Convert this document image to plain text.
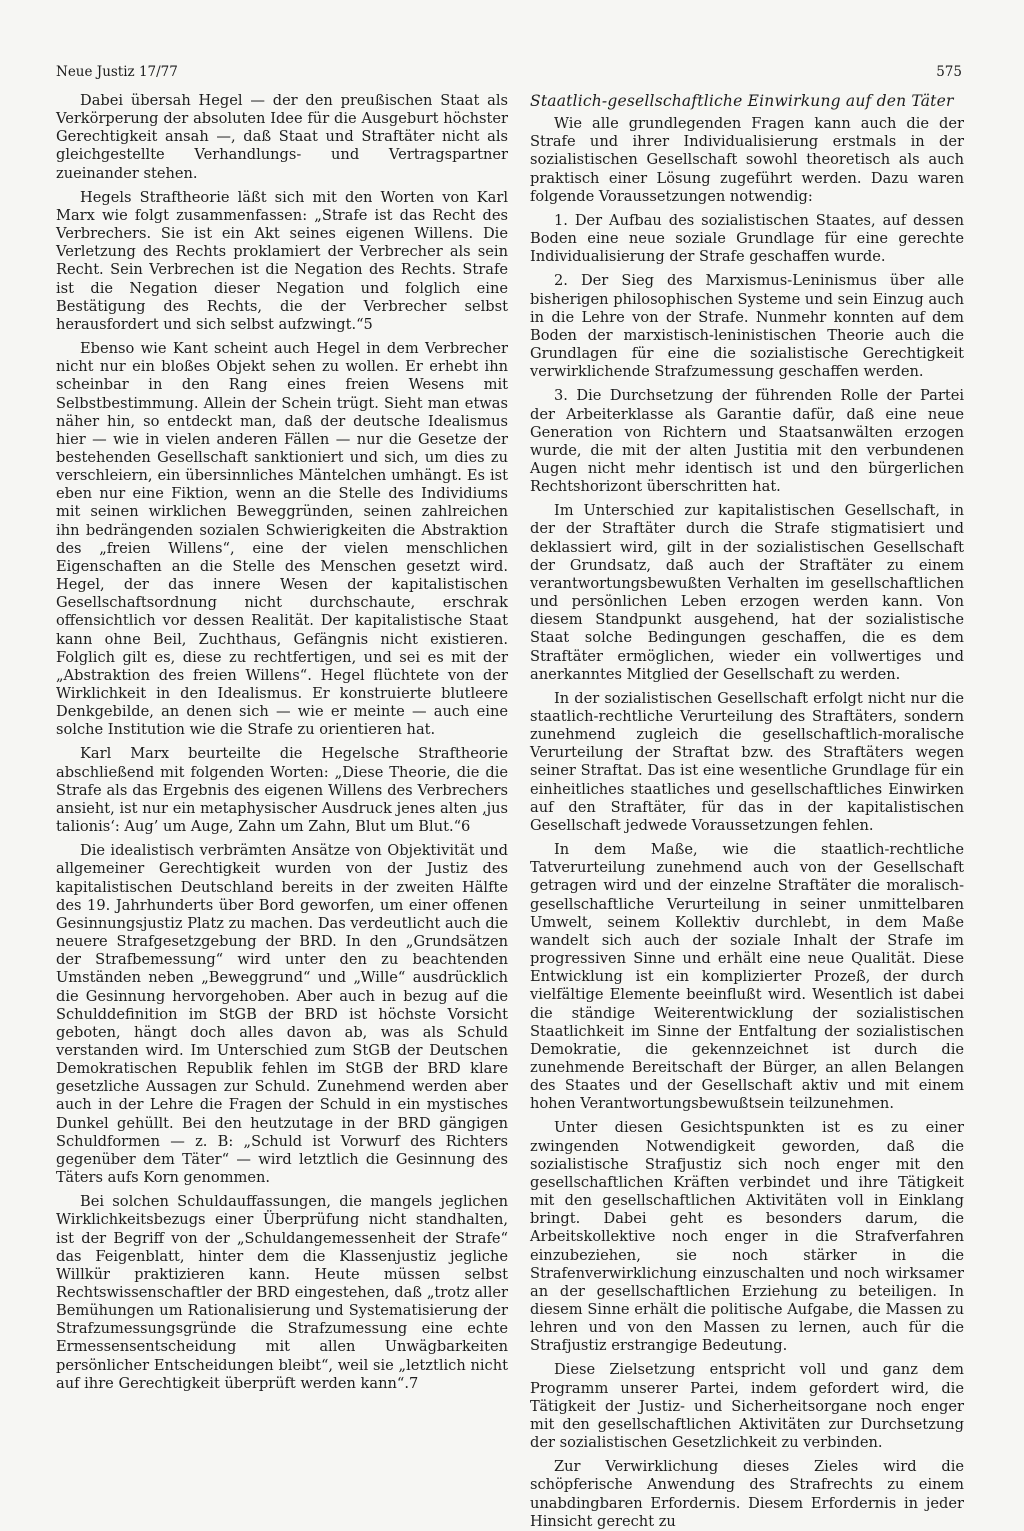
Neue Justiz 17/77	575

Dabei übersah Hegel — der den preußischen Staat als Verkörperung der absoluten Idee für die Ausgeburt höchster Gerechtigkeit ansah —, daß Staat und Straftäter nicht als gleichgestellte Verhandlungs- und Vertragspartner zueinander stehen.

Hegels Straftheorie läßt sich mit den Worten von Karl Marx wie folgt zusammenfassen: „Strafe ist das Recht des Verbrechers. Sie ist ein Akt seines eigenen Willens. Die Verletzung des Rechts proklamiert der Verbrecher als sein Recht. Sein Verbrechen ist die Negation des Rechts. Strafe ist die Negation dieser Negation und folglich eine Bestätigung des Rechts, die der Verbrecher selbst herausfordert und sich selbst aufzwingt.“5

Ebenso wie Kant scheint auch Hegel in dem Verbrecher nicht nur ein bloßes Objekt sehen zu wollen. Er erhebt ihn scheinbar in den Rang eines freien Wesens mit Selbstbestimmung. Allein der Schein trügt. Sieht man etwas näher hin, so entdeckt man, daß der deutsche Idealismus hier — wie in vielen anderen Fällen — nur die Gesetze der bestehenden Gesellschaft sanktioniert und sich, um dies zu verschleiern, ein übersinnliches Mäntelchen umhängt. Es ist eben nur eine Fiktion, wenn an die Stelle des Individiums mit seinen wirklichen Beweggründen, seinen zahlreichen ihn bedrängenden sozialen Schwierigkeiten die Abstraktion des „freien Willens“, eine der vielen menschlichen Eigenschaften an die Stelle des Menschen gesetzt wird. Hegel, der das innere Wesen der kapitalistischen Gesellschaftsordnung nicht durchschaute, erschrak offensichtlich vor dessen Realität. Der kapitalistische Staat kann ohne Beil, Zuchthaus, Gefängnis nicht existieren. Folglich gilt es, diese zu rechtfertigen, und sei es mit der „Abstraktion des freien Willens“. Hegel flüchtete von der Wirklichkeit in den Idealismus. Er konstruierte blutleere Denkgebilde, an denen sich — wie er meinte — auch eine solche Institution wie die Strafe zu orientieren hat.

Karl Marx beurteilte die Hegelsche Straftheorie abschließend mit folgenden Worten: „Diese Theorie, die die Strafe als das Ergebnis des eigenen Willens des Verbrechers ansieht, ist nur ein metaphysischer Ausdruck jenes alten ‚jus talionis‘: Aug’ um Auge, Zahn um Zahn, Blut um Blut.“6

Die idealistisch verbrämten Ansätze von Objektivität und allgemeiner Gerechtigkeit wurden von der Justiz des kapitalistischen Deutschland bereits in der zweiten Hälfte des 19. Jahrhunderts über Bord geworfen, um einer offenen Gesinnungsjustiz Platz zu machen. Das verdeutlicht auch die neuere Strafgesetzgebung der BRD. In den „Grundsätzen der Strafbemessung“ wird unter den zu beachtenden Umständen neben „Beweggrund“ und „Wille“ ausdrücklich die Gesinnung hervorgehoben. Aber auch in bezug auf die Schulddefinition im StGB der BRD ist höchste Vorsicht geboten, hängt doch alles davon ab, was als Schuld verstanden wird. Im Unterschied zum StGB der Deutschen Demokratischen Republik fehlen im StGB der BRD klare gesetzliche Aussagen zur Schuld. Zunehmend werden aber auch in der Lehre die Fragen der Schuld in ein mystisches Dunkel gehüllt. Bei den heutzutage in der BRD gängigen Schuldformen — z. B: „Schuld ist Vorwurf des Richters gegenüber dem Täter“ — wird letztlich die Gesinnung des Täters aufs Korn genommen.

Bei solchen Schuldauffassungen, die mangels jeglichen Wirklichkeitsbezugs einer Überprüfung nicht standhalten, ist der Begriff von der „Schuldangemessenheit der Strafe“ das Feigenblatt, hinter dem die Klassenjustiz jegliche Willkür praktizieren kann. Heute müssen selbst Rechtswissenschaftler der BRD eingestehen, daß „trotz aller Bemühungen um Rationalisierung und Systematisierung der Strafzumessungsgründe die Strafzumessung eine echte Ermessensentscheidung mit allen Unwägbarkeiten persönlicher Entscheidungen bleibt“, weil sie „letztlich nicht auf ihre Gerechtigkeit überprüft werden kann“.7

Staatlich-gesellschaftliche Einwirkung auf den Täter

Wie alle grundlegenden Fragen kann auch die der Strafe und ihrer Individualisierung erstmals in der sozialistischen Gesellschaft sowohl theoretisch als auch praktisch einer Lösung zugeführt werden. Dazu waren folgende Voraussetzungen notwendig:

1. Der Aufbau des sozialistischen Staates, auf dessen Boden eine neue soziale Grundlage für eine gerechte Individualisierung der Strafe geschaffen wurde.

2. Der Sieg des Marxismus-Leninismus über alle bisherigen philosophischen Systeme und sein Einzug auch in die Lehre von der Strafe. Nunmehr konnten auf dem Boden der marxistisch-leninistischen Theorie auch die Grundlagen für eine die sozialistische Gerechtigkeit verwirklichende Strafzumessung geschaffen werden.

3. Die Durchsetzung der führenden Rolle der Partei der Arbeiterklasse als Garantie dafür, daß eine neue Generation von Richtern und Staatsanwälten erzogen wurde, die mit der alten Justitia mit den verbundenen Augen nicht mehr identisch ist und den bürgerlichen Rechtshorizont überschritten hat.

Im Unterschied zur kapitalistischen Gesellschaft, in der der Straftäter durch die Strafe stigmatisiert und deklassiert wird, gilt in der sozialistischen Gesellschaft der Grundsatz, daß auch der Straftäter zu einem verantwortungsbewußten Verhalten im gesellschaftlichen und persönlichen Leben erzogen werden kann. Von diesem Standpunkt ausgehend, hat der sozialistische Staat solche Bedingungen geschaffen, die es dem Straftäter ermöglichen, wieder ein vollwertiges und anerkanntes Mitglied der Gesellschaft zu werden.

In der sozialistischen Gesellschaft erfolgt nicht nur die staatlich-rechtliche Verurteilung des Straftäters, sondern zunehmend zugleich die gesellschaftlich-moralische Verurteilung der Straftat bzw. des Straftäters wegen seiner Straftat. Das ist eine wesentliche Grundlage für ein einheitliches staatliches und gesellschaftliches Einwirken auf den Straftäter, für das in der kapitalistischen Gesellschaft jedwede Voraussetzungen fehlen.

In dem Maße, wie die staatlich-rechtliche Tatverurteilung zunehmend auch von der Gesellschaft getragen wird und der einzelne Straftäter die moralisch-gesellschaftliche Verurteilung in seiner unmittelbaren Umwelt, seinem Kollektiv durchlebt, in dem Maße wandelt sich auch der soziale Inhalt der Strafe im progressiven Sinne und erhält eine neue Qualität. Diese Entwicklung ist ein komplizierter Prozeß, der durch vielfältige Elemente beeinflußt wird. Wesentlich ist dabei die ständige Weiterentwicklung der sozialistischen Staatlichkeit im Sinne der Entfaltung der sozialistischen Demokratie, die gekennzeichnet ist durch die zunehmende Bereitschaft der Bürger, an allen Belangen des Staates und der Gesellschaft aktiv und mit einem hohen Verantwortungsbewußtsein teilzunehmen.

Unter diesen Gesichtspunkten ist es zu einer zwingenden Notwendigkeit geworden, daß die sozialistische Strafjustiz sich noch enger mit den gesellschaftlichen Kräften verbindet und ihre Tätigkeit mit den gesellschaftlichen Aktivitäten voll in Einklang bringt. Dabei geht es besonders darum, die Arbeitskollektive noch enger in die Strafverfahren einzubeziehen, sie noch stärker in die Strafenverwirklichung einzuschalten und noch wirksamer an der gesellschaftlichen Erziehung zu beteiligen. In diesem Sinne erhält die politische Aufgabe, die Massen zu lehren und von den Massen zu lernen, auch für die Strafjustiz erstrangige Bedeutung.

Diese Zielsetzung entspricht voll und ganz dem Programm unserer Partei, indem gefordert wird, die Tätigkeit der Justiz- und Sicherheitsorgane noch enger mit den gesellschaftlichen Aktivitäten zur Durchsetzung der sozialistischen Gesetzlichkeit zu verbinden.

Zur Verwirklichung dieses Zieles wird die schöpferische Anwendung des Strafrechts zu einem unabdingbaren Erfordernis. Diesem Erfordernis in jeder Hinsicht gerecht zu
